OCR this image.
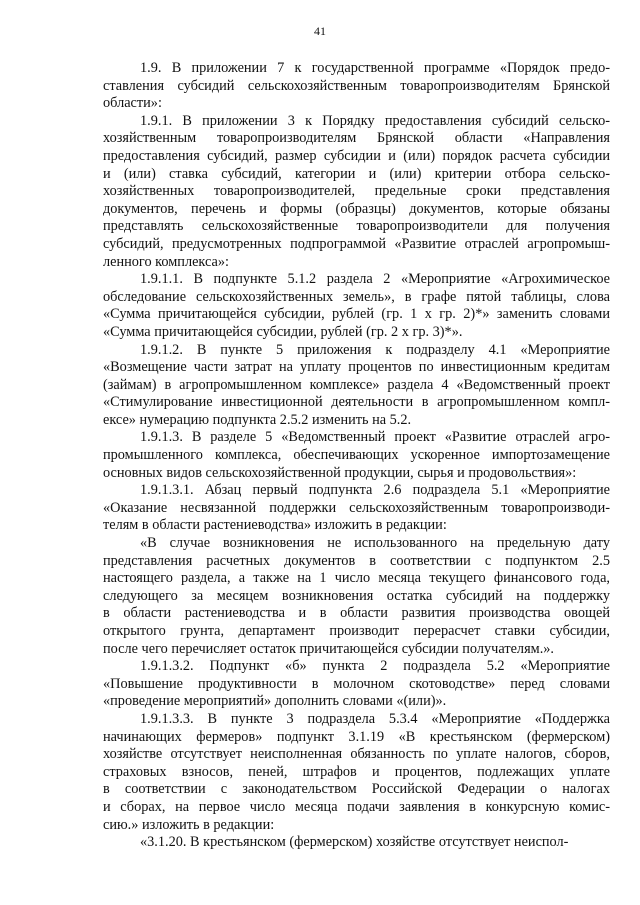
41
1.9. В приложении 7 к государственной программе «Порядок предо-
ставления субсидий сельскохозяйственным товаропроизводителям Брянской
области»:
1.9.1. В приложении 3 к Порядку предоставления субсидий сельско-
хозяйственным товаропроизводителям Брянской области «Направления
предоставления субсидий, размер субсидии и (или) порядок расчета субсидии
и (или) ставка субсидий, категории и (или) критерии отбора сельско-
хозяйственных товаропроизводителей, предельные сроки представления
документов, перечень и формы (образцы) документов, которые обязаны
представлять сельскохозяйственные товаропроизводители для получения
субсидий, предусмотренных подпрограммой «Развитие отраслей агропромыш-
ленного комплекса»:
1.9.1.1. В подпункте 5.1.2 раздела 2 «Мероприятие «Агрохимическое
обследование сельскохозяйственных земель», в графе пятой таблицы, слова
«Сумма причитающейся субсидии, рублей (гр. 1 x гр. 2)*» заменить словами
«Сумма причитающейся субсидии, рублей (гр. 2 x гр. 3)*».
1.9.1.2. В пункте 5 приложения к подразделу 4.1 «Мероприятие
«Возмещение части затрат на уплату процентов по инвестиционным кредитам
(займам) в агропромышленном комплексе» раздела 4 «Ведомственный проект
«Стимулирование инвестиционной деятельности в агропромышленном компл-
ексе» нумерацию подпункта 2.5.2 изменить на 5.2.
1.9.1.3. В разделе 5 «Ведомственный проект «Развитие отраслей агро-
промышленного комплекса, обеспечивающих ускоренное импортозамещение
основных видов сельскохозяйственной продукции, сырья и продовольствия»:
1.9.1.3.1. Абзац первый подпункта 2.6 подраздела 5.1 «Мероприятие
«Оказание несвязанной поддержки сельскохозяйственным товаропроизводи-
телям в области растениеводства» изложить в редакции:
«В случае возникновения не использованного на предельную дату
представления расчетных документов в соответствии с подпунктом 2.5
настоящего раздела, а также на 1 число месяца текущего финансового года,
следующего за месяцем возникновения остатка субсидий на поддержку
в области растениеводства и в области развития производства овощей
открытого грунта, департамент производит перерасчет ставки субсидии,
после чего перечисляет остаток причитающейся субсидии получателям.».
1.9.1.3.2. Подпункт «б» пункта 2 подраздела 5.2 «Мероприятие
«Повышение продуктивности в молочном скотоводстве» перед словами
«проведение мероприятий» дополнить словами «(или)».
1.9.1.3.3. В пункте 3 подраздела 5.3.4 «Мероприятие «Поддержка
начинающих фермеров» подпункт 3.1.19 «В крестьянском (фермерском)
хозяйстве отсутствует неисполненная обязанность по уплате налогов, сборов,
страховых взносов, пеней, штрафов и процентов, подлежащих уплате
в соответствии с законодательством Российской Федерации о налогах
и сборах, на первое число месяца подачи заявления в конкурсную комис-
сию.» изложить в редакции:
«3.1.20. В крестьянском (фермерском) хозяйстве отсутствует неиспол-
